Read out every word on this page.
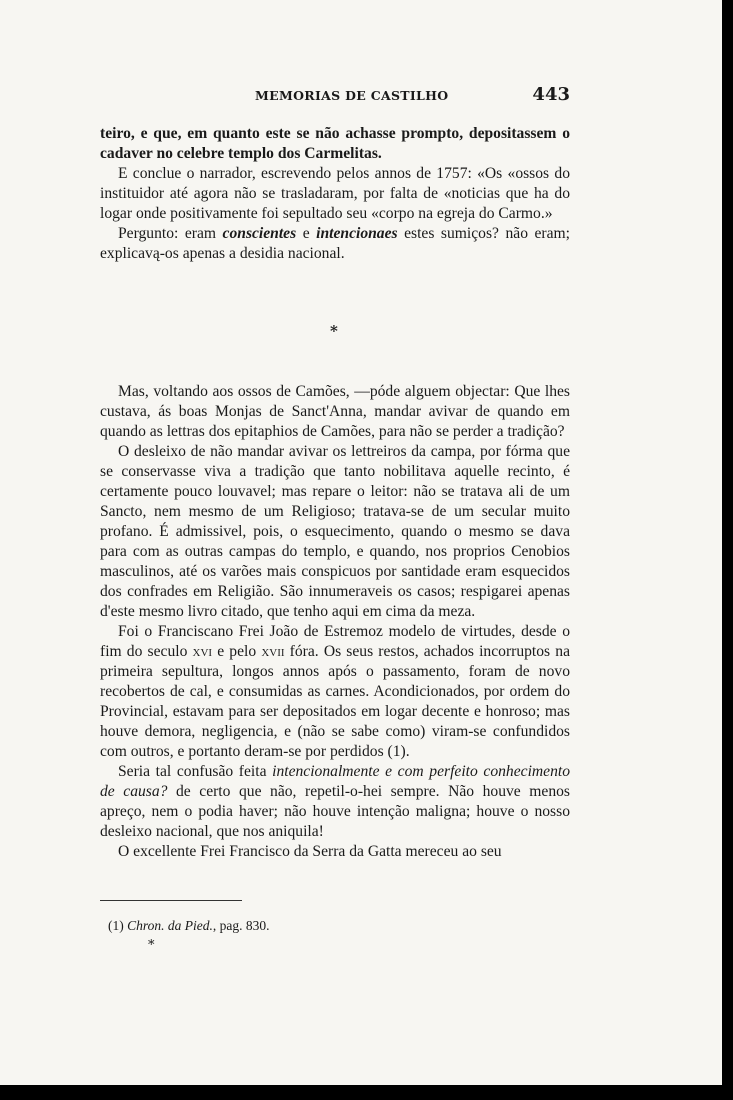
MEMORIAS DE CASTILHO	443

teiro, e que, em quanto este se não achasse prompto, depositassem o cadaver no celebre templo dos Carmelitas.

E conclue o narrador, escrevendo pelos annos de 1757: «Os «ossos do instituidor até agora não se trasladaram, por falta de «noticias que ha do logar onde positivamente foi sepultado seu «corpo na egreja do Carmo.»

Pergunto: eram conscientes e intencionaes estes sumiços? não eram; explicavą-os apenas a desidia nacional.

*

Mas, voltando aos ossos de Camões, —póde alguem objectar: Que lhes custava, ás boas Monjas de Sanct'Anna, mandar avivar de quando em quando as lettras dos epitaphios de Camões, para não se perder a tradição?

O desleixo de não mandar avivar os lettreiros da campa, por fórma que se conservasse viva a tradição que tanto nobilitava aquelle recinto, é certamente pouco louvavel; mas repare o leitor: não se tratava ali de um Sancto, nem mesmo de um Religioso; tratava-se de um secular muito profano. É admissivel, pois, o esquecimento, quando o mesmo se dava para com as outras campas do templo, e quando, nos proprios Cenobios masculinos, até os varões mais conspicuos por santidade eram esquecidos dos confrades em Religião. São innumeraveis os casos; respigarei apenas d'este mesmo livro citado, que tenho aqui em cima da meza.

Foi o Franciscano Frei João de Estremoz modelo de virtudes, desde o fim do seculo xvi e pelo xvii fóra. Os seus restos, achados incorruptos na primeira sepultura, longos annos após o passamento, foram de novo recobertos de cal, e consumidas as carnes. Acondicionados, por ordem do Provincial, estavam para ser depositados em logar decente e honroso; mas houve demora, negligencia, e (não se sabe como) viram-se confundidos com outros, e portanto deram-se por perdidos (1).

Seria tal confusão feita intencionalmente e com perfeito conhecimento de causa? de certo que não, repetil-o-hei sempre. Não houve menos apreço, nem o podia haver; não houve intenção maligna; houve o nosso desleixo nacional, que nos aniquila!

O excellente Frei Francisco da Serra da Gatta mereceu ao seu

(1) Chron. da Pied., pag. 830.
*
